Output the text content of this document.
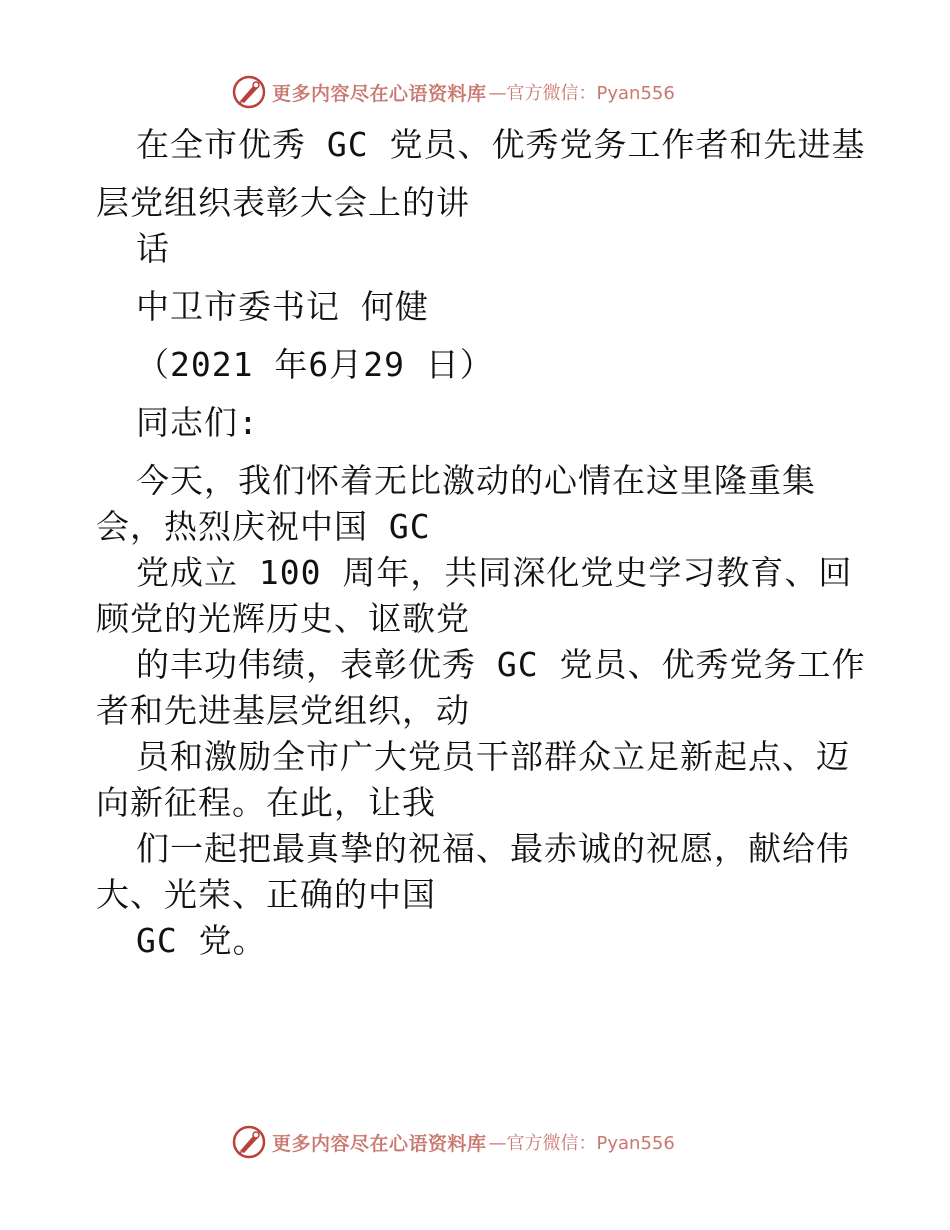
更多内容尽在心语资料库 —官方微信：Pyan556
在全市优秀 GC 党员、优秀党务工作者和先进基
层党组织表彰大会上的讲
话
中卫市委书记 何健
（2021 年6月29 日）
同志们:
今天，我们怀着无比激动的心情在这里隆重集
会，热烈庆祝中国 GC
党成立 100 周年，共同深化党史学习教育、回
顾党的光辉历史、讴歌党
的丰功伟绩，表彰优秀 GC 党员、优秀党务工作
者和先进基层党组织，动
员和激励全市广大党员干部群众立足新起点、迈
向新征程。在此，让我
们一起把最真挚的祝福、最赤诚的祝愿，献给伟
大、光荣、正确的中国
GC 党。
更多内容尽在心语资料库 —官方微信：Pyan556
